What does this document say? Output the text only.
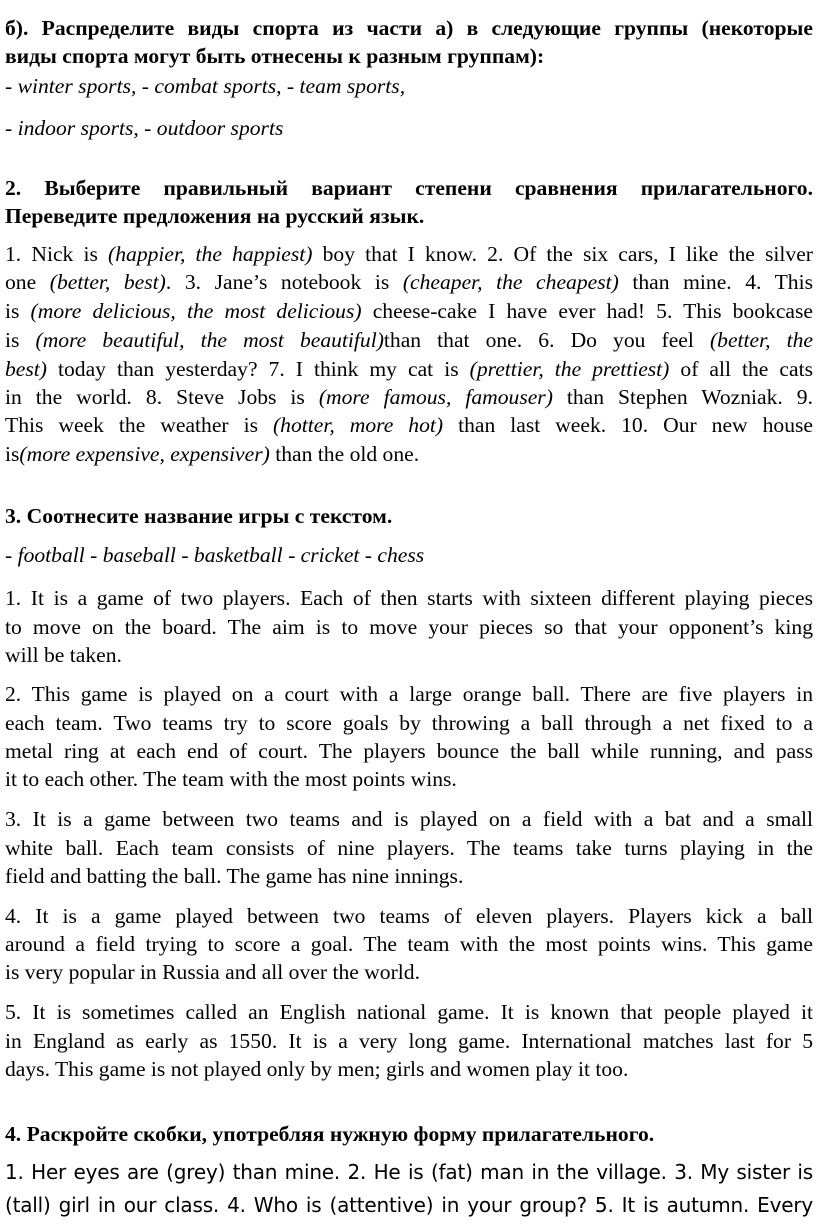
б). Распределите виды спорта из части а) в следующие группы (некоторые
виды спорта могут быть отнесены к разным группам):
- winter sports, - combat sports, - team sports,
- indoor sports, - outdoor sports
2. Выберите правильный вариант степени сравнения прилагательного.
Переведите предложения на русский язык.
1. Nick is (happier, the happiest) boy that I know. 2. Of the six cars, I like the silver
one (better, best). 3. Jane’s notebook is (cheaper, the cheapest) than mine. 4. This
is (more delicious, the most delicious) cheese-cake I have ever had! 5. This bookcase
is (more beautiful, the most beautiful)than that one. 6. Do you feel (better, the
best) today than yesterday? 7. I think my cat is (prettier, the prettiest) of all the cats
in the world. 8. Steve Jobs is (more famous, famouser) than Stephen Wozniak. 9.
This week the weather is (hotter, more hot) than last week. 10. Our new house
is(more expensive, expensiver) than the old one.
3. Соотнесите название игры с текстом.
- football - baseball - basketball - cricket - chess
1. It is a game of two players. Each of then starts with sixteen different playing pieces
to move on the board. The aim is to move your pieces so that your opponent’s king
will be taken.
2. This game is played on a court with a large orange ball. There are five players in
each team. Two teams try to score goals by throwing a ball through a net fixed to a
metal ring at each end of court. The players bounce the ball while running, and pass
it to each other. The team with the most points wins.
3. It is a game between two teams and is played on a field with a bat and a small
white ball. Each team consists of nine players. The teams take turns playing in the
field and batting the ball. The game has nine innings.
4. It is a game played between two teams of eleven players. Players kick a ball
around a field trying to score a goal. The team with the most points wins. This game
is very popular in Russia and all over the world.
5. It is sometimes called an English national game. It is known that people played it
in England as early as 1550. It is a very long game. International matches last for 5
days. This game is not played only by men; girls and women play it too.
4. Раскройте скобки, употребляя нужную форму прилагательного.
1. Her eyes are (grey) than mine. 2. He is (fat) man in the village. 3. My sister is
(tall) girl in our class. 4. Who is (attentive) in your group? 5. It is autumn. Every
